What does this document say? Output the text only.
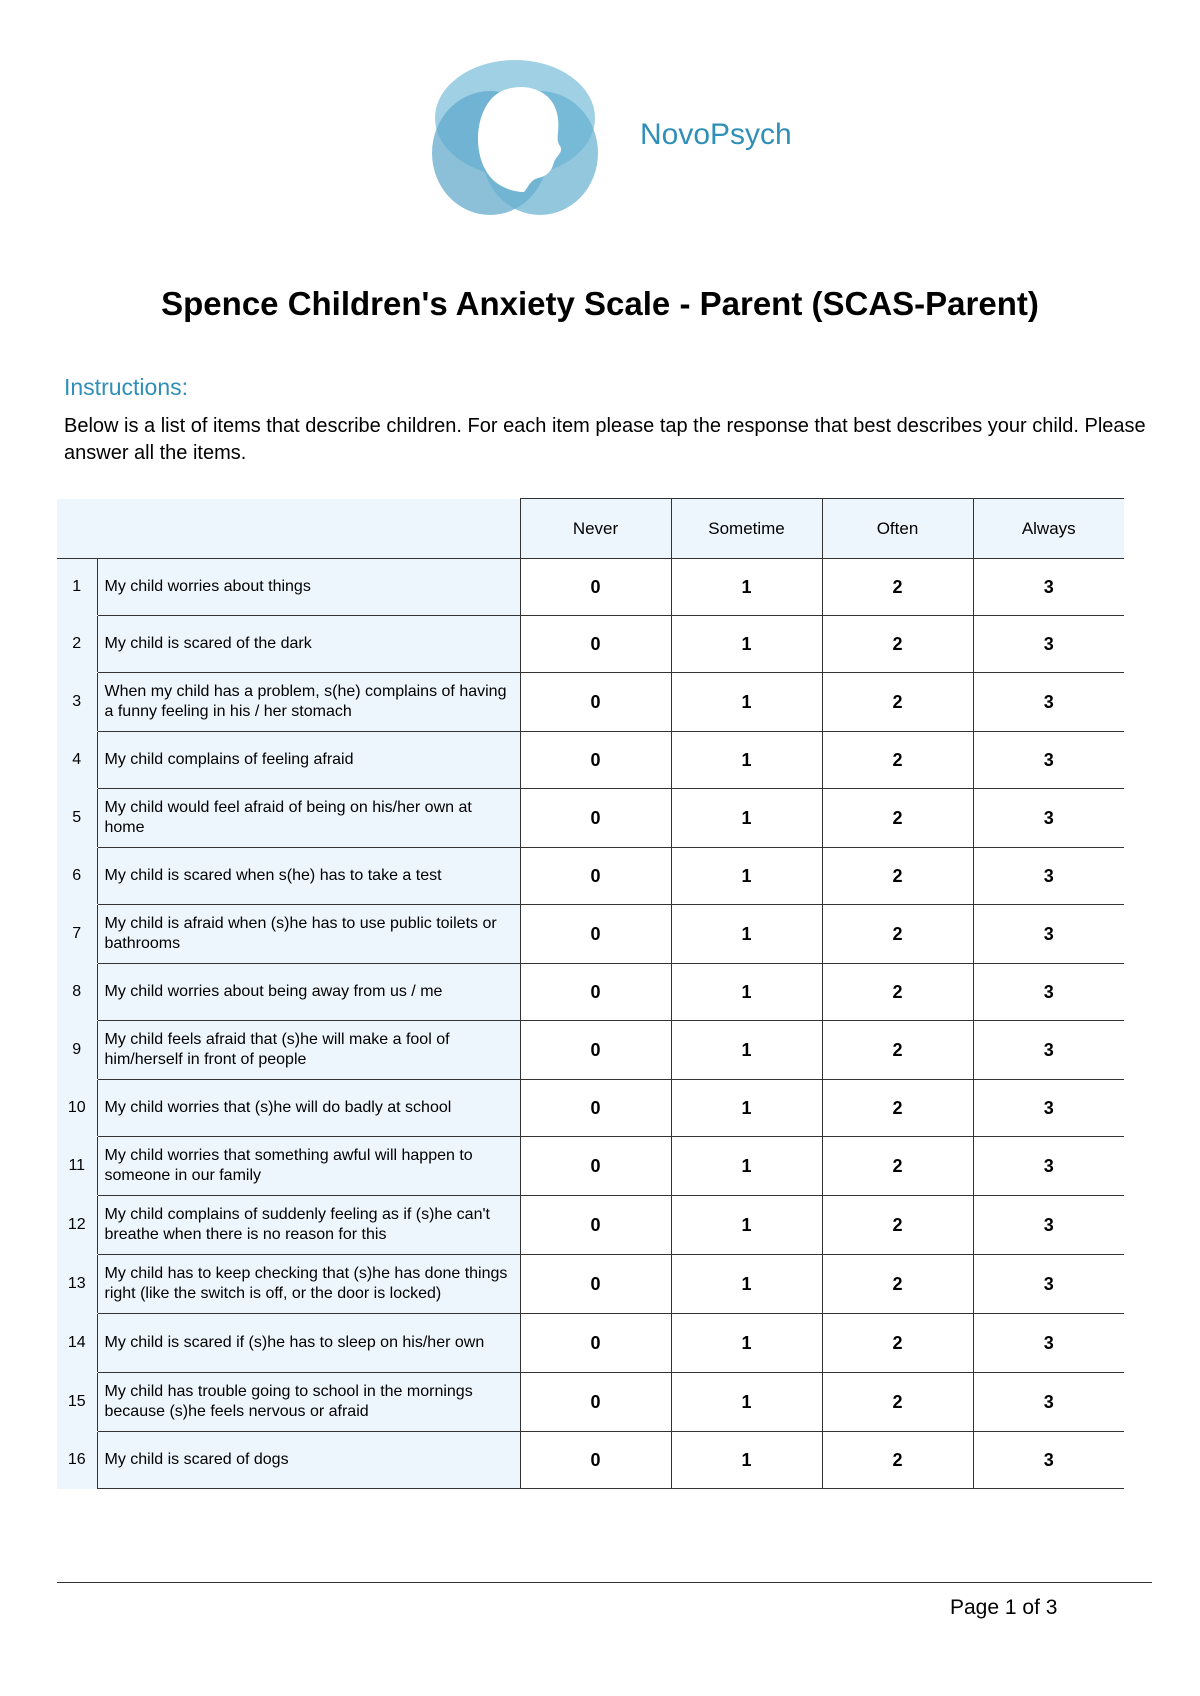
NovoPsych
Spence Children's Anxiety Scale - Parent (SCAS-Parent)
Instructions:
Below is a list of items that describe children. For each item please tap the response that best describes your child. Please answer all the items.
		Never	Sometime	Often	Always
1	My child worries about things	0	1	2	3
2	My child is scared of the dark	0	1	2	3
3	When my child has a problem, s(he) complains of having a funny feeling in his / her stomach	0	1	2	3
4	My child complains of feeling afraid	0	1	2	3
5	My child would feel afraid of being on his/her own at home	0	1	2	3
6	My child is scared when s(he) has to take a test	0	1	2	3
7	My child is afraid when (s)he has to use public toilets or bathrooms	0	1	2	3
8	My child worries about being away from us / me	0	1	2	3
9	My child feels afraid that (s)he will make a fool of him/herself in front of people	0	1	2	3
10	My child worries that (s)he will do badly at school	0	1	2	3
11	My child worries that something awful will happen to someone in our family	0	1	2	3
12	My child complains of suddenly feeling as if (s)he can't breathe when there is no reason for this	0	1	2	3
13	My child has to keep checking that (s)he has done things right (like the switch is off, or the door is locked)	0	1	2	3
14	My child is scared if (s)he has to sleep on his/her own	0	1	2	3
15	My child has trouble going to school in the mornings because (s)he feels nervous or afraid	0	1	2	3
16	My child is scared of dogs	0	1	2	3
Page 1 of 3
